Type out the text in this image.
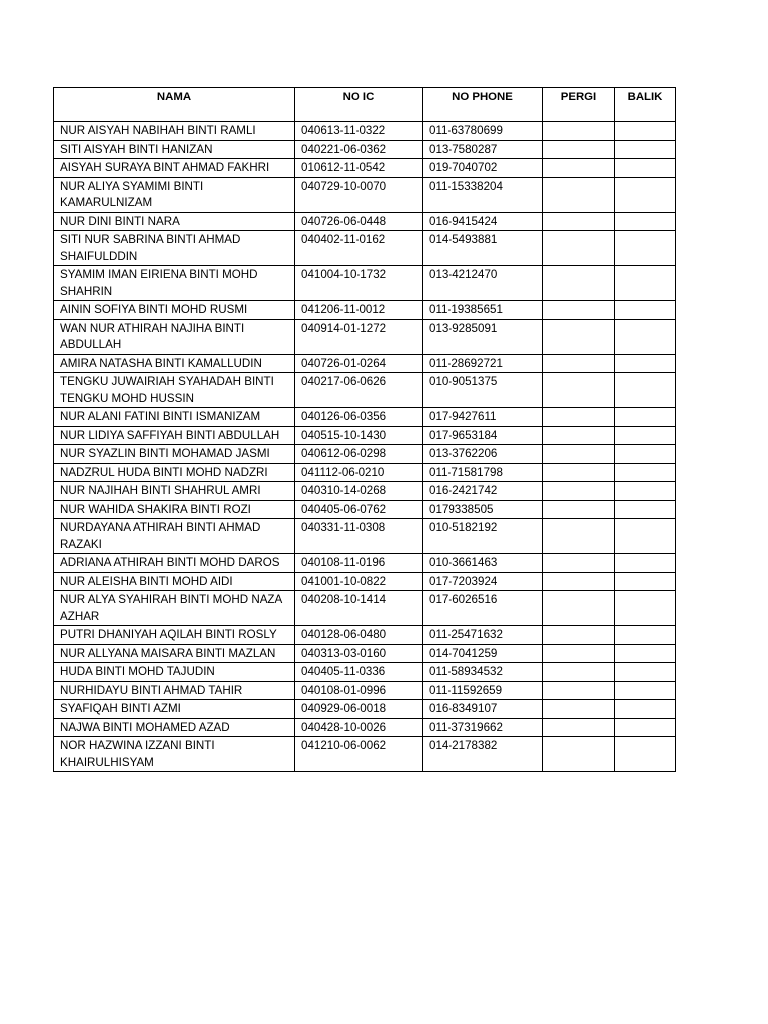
NAMA	NO IC	NO PHONE	PERGI	BALIK
NUR AISYAH NABIHAH BINTI RAMLI	040613-11-0322	011-63780699		
SITI AISYAH BINTI HANIZAN	040221-06-0362	013-7580287		
AISYAH SURAYA BINT AHMAD FAKHRI	010612-11-0542	019-7040702		
NUR ALIYA SYAMIMI BINTI KAMARULNIZAM	040729-10-0070	011-15338204		
NUR DINI BINTI NARA	040726-06-0448	016-9415424		
SITI NUR SABRINA BINTI AHMAD SHAIFULDDIN	040402-11-0162	014-5493881		
SYAMIM IMAN EIRIENA BINTI MOHD SHAHRIN	041004-10-1732	013-4212470		
AININ SOFIYA BINTI MOHD RUSMI	041206-11-0012	011-19385651		
WAN NUR ATHIRAH NAJIHA BINTI ABDULLAH	040914-01-1272	013-9285091		
AMIRA NATASHA BINTI KAMALLUDIN	040726-01-0264	011-28692721		
TENGKU JUWAIRIAH SYAHADAH BINTI TENGKU MOHD HUSSIN	040217-06-0626	010-9051375		
NUR ALANI FATINI BINTI ISMANIZAM	040126-06-0356	017-9427611		
NUR LIDIYA SAFFIYAH BINTI ABDULLAH	040515-10-1430	017-9653184		
NUR SYAZLIN BINTI MOHAMAD JASMI	040612-06-0298	013-3762206		
NADZRUL HUDA BINTI MOHD NADZRI	041112-06-0210	011-71581798		
NUR NAJIHAH BINTI SHAHRUL AMRI	040310-14-0268	016-2421742		
NUR WAHIDA SHAKIRA BINTI ROZI	040405-06-0762	0179338505		
NURDAYANA ATHIRAH BINTI AHMAD RAZAKI	040331-11-0308	010-5182192		
ADRIANA ATHIRAH BINTI MOHD DAROS	040108-11-0196	010-3661463		
NUR ALEISHA BINTI MOHD AIDI	041001-10-0822	017-7203924		
NUR ALYA SYAHIRAH BINTI MOHD NAZA AZHAR	040208-10-1414	017-6026516		
PUTRI DHANIYAH AQILAH BINTI ROSLY	040128-06-0480	011-25471632		
NUR ALLYANA MAISARA BINTI MAZLAN	040313-03-0160	014-7041259		
HUDA BINTI MOHD TAJUDIN	040405-11-0336	011-58934532		
NURHIDAYU BINTI AHMAD TAHIR	040108-01-0996	011-11592659		
SYAFIQAH BINTI AZMI	040929-06-0018	016-8349107		
NAJWA BINTI MOHAMED AZAD	040428-10-0026	011-37319662		
NOR HAZWINA IZZANI BINTI KHAIRULHISYAM	041210-06-0062	014-2178382		
